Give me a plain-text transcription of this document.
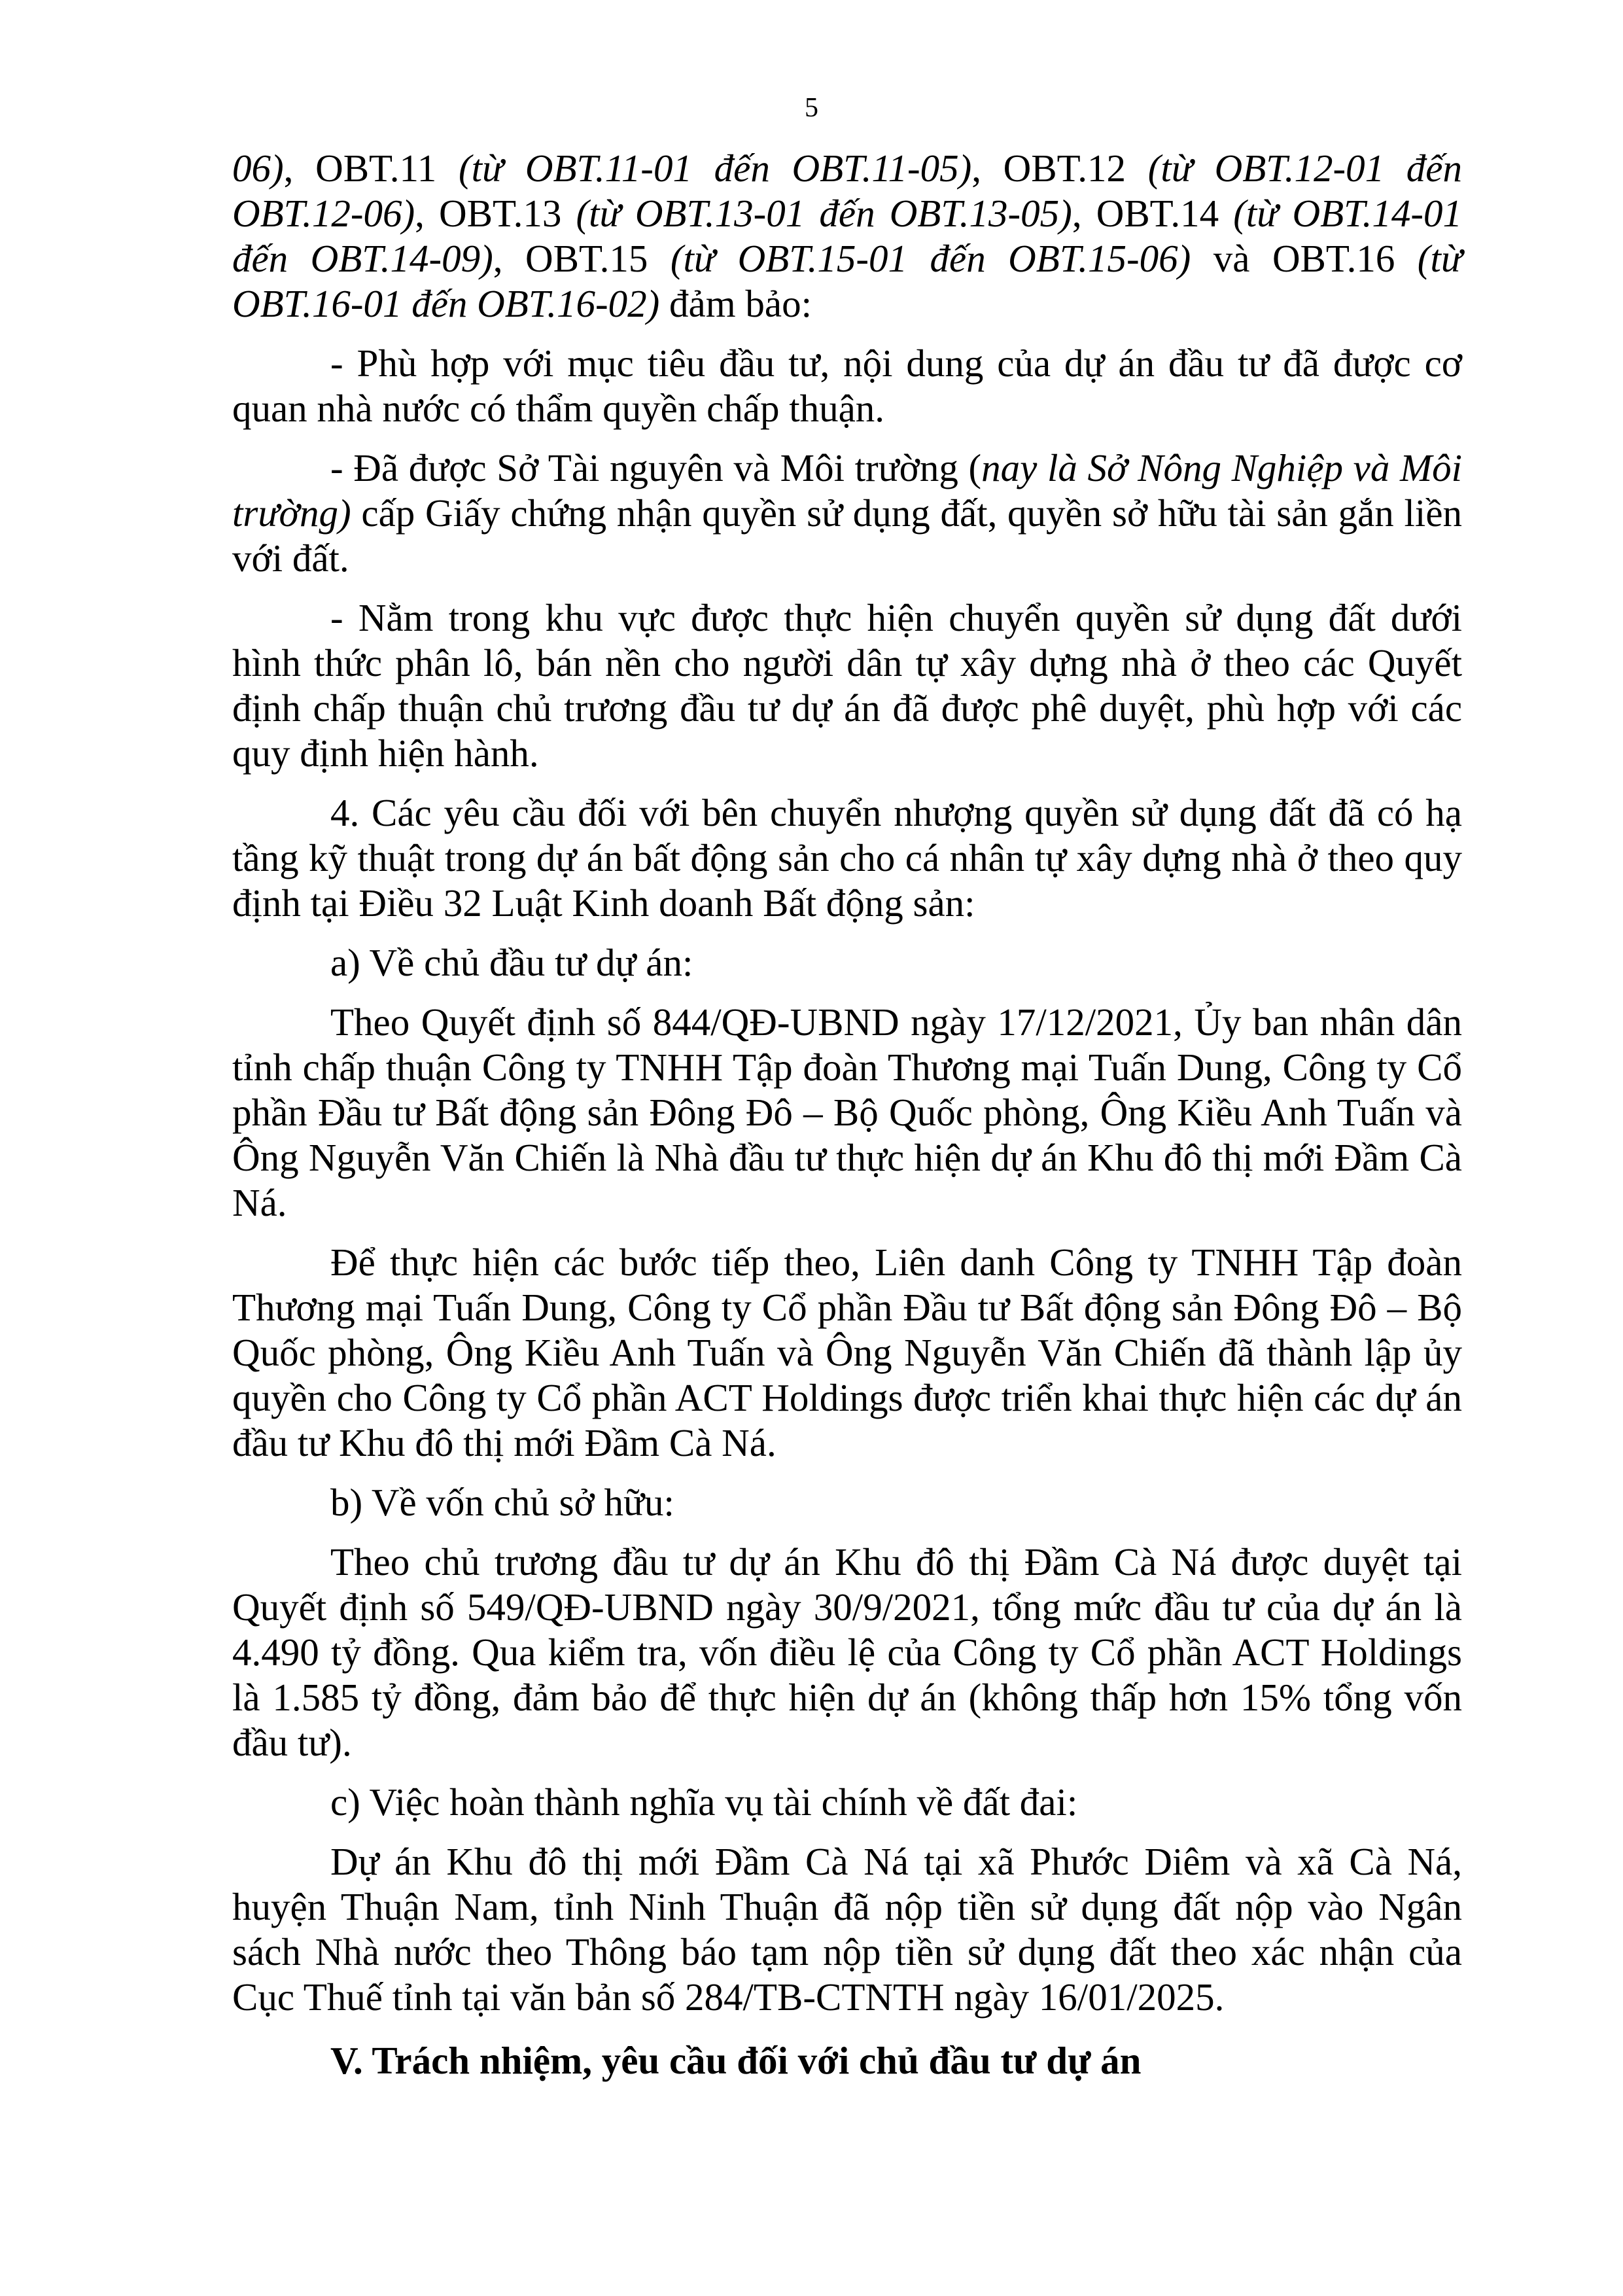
5

06), OBT.11 (từ OBT.11-01 đến OBT.11-05), OBT.12 (từ OBT.12-01 đến OBT.12-06), OBT.13 (từ OBT.13-01 đến OBT.13-05), OBT.14 (từ OBT.14-01 đến OBT.14-09), OBT.15 (từ OBT.15-01 đến OBT.15-06) và OBT.16 (từ OBT.16-01 đến OBT.16-02) đảm bảo:

- Phù hợp với mục tiêu đầu tư, nội dung của dự án đầu tư đã được cơ quan nhà nước có thẩm quyền chấp thuận.

- Đã được Sở Tài nguyên và Môi trường (nay là Sở Nông Nghiệp và Môi trường) cấp Giấy chứng nhận quyền sử dụng đất, quyền sở hữu tài sản gắn liền với đất.

- Nằm trong khu vực được thực hiện chuyển quyền sử dụng đất dưới hình thức phân lô, bán nền cho người dân tự xây dựng nhà ở theo các Quyết định chấp thuận chủ trương đầu tư dự án đã được phê duyệt, phù hợp với các quy định hiện hành.

4. Các yêu cầu đối với bên chuyển nhượng quyền sử dụng đất đã có hạ tầng kỹ thuật trong dự án bất động sản cho cá nhân tự xây dựng nhà ở theo quy định tại Điều 32 Luật Kinh doanh Bất động sản:

a) Về chủ đầu tư dự án:

Theo Quyết định số 844/QĐ-UBND ngày 17/12/2021, Ủy ban nhân dân tỉnh chấp thuận Công ty TNHH Tập đoàn Thương mại Tuấn Dung, Công ty Cổ phần Đầu tư Bất động sản Đông Đô – Bộ Quốc phòng, Ông Kiều Anh Tuấn và Ông Nguyễn Văn Chiến là Nhà đầu tư thực hiện dự án Khu đô thị mới Đầm Cà Ná.

Để thực hiện các bước tiếp theo, Liên danh Công ty TNHH Tập đoàn Thương mại Tuấn Dung, Công ty Cổ phần Đầu tư Bất động sản Đông Đô – Bộ Quốc phòng, Ông Kiều Anh Tuấn và Ông Nguyễn Văn Chiến đã thành lập ủy quyền cho Công ty Cổ phần ACT Holdings được triển khai thực hiện các dự án đầu tư Khu đô thị mới Đầm Cà Ná.

b) Về vốn chủ sở hữu:

Theo chủ trương đầu tư dự án Khu đô thị Đầm Cà Ná được duyệt tại Quyết định số 549/QĐ-UBND ngày 30/9/2021, tổng mức đầu tư của dự án là 4.490 tỷ đồng. Qua kiểm tra, vốn điều lệ của Công ty Cổ phần ACT Holdings là 1.585 tỷ đồng, đảm bảo để thực hiện dự án (không thấp hơn 15% tổng vốn đầu tư).

c) Việc hoàn thành nghĩa vụ tài chính về đất đai:

Dự án Khu đô thị mới Đầm Cà Ná tại xã Phước Diêm và xã Cà Ná, huyện Thuận Nam, tỉnh Ninh Thuận đã nộp tiền sử dụng đất nộp vào Ngân sách Nhà nước theo Thông báo tạm nộp tiền sử dụng đất theo xác nhận của Cục Thuế tỉnh tại văn bản số 284/TB-CTNTH ngày 16/01/2025.

V. Trách nhiệm, yêu cầu đối với chủ đầu tư dự án
